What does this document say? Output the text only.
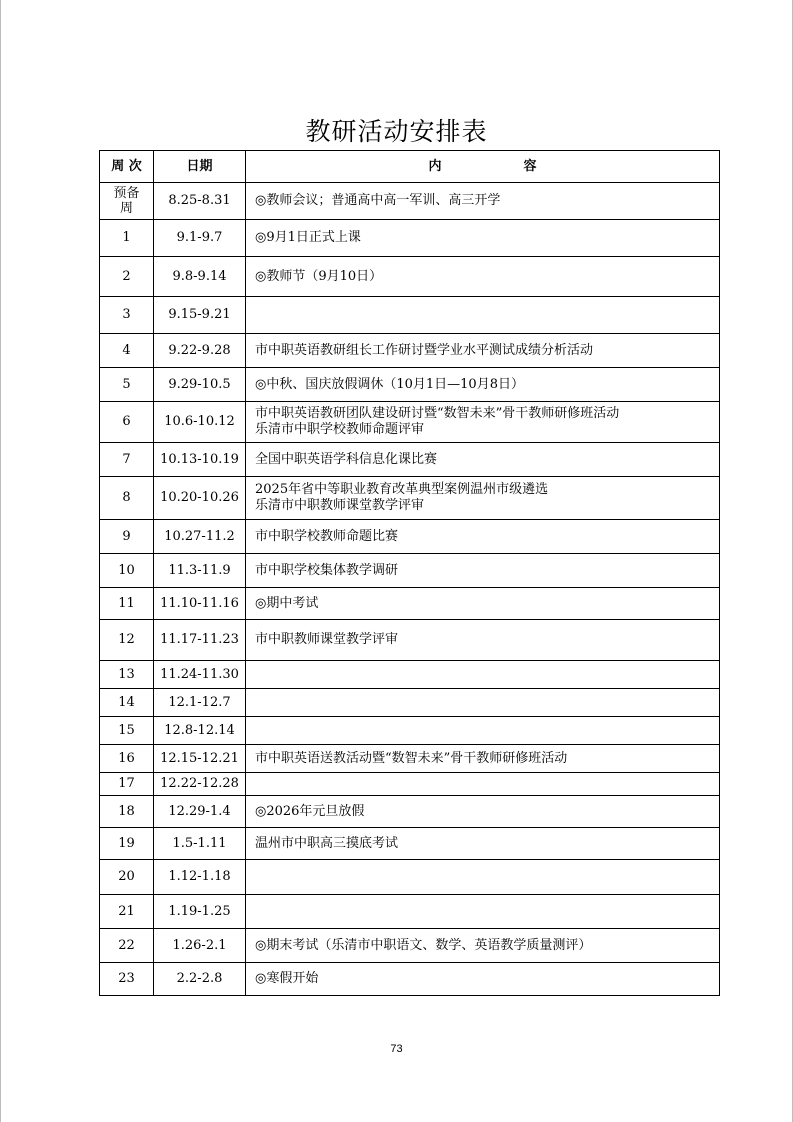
教研活动安排表
周 次	日期	内 容
预备周	8.25-8.31	◎教师会议；普通高中高一军训、高三开学

1	9.1-9.7	◎9月1日正式上课

2	9.8-9.14	◎教师节（9月10日）

3	9.15-9.21	
4	9.22-9.28	市中职英语教研组长工作研讨暨学业水平测试成绩分析活动

5	9.29-10.5	◎中秋、国庆放假调休（10月1日—10月8日）

6	10.6-10.12	市中职英语教研团队建设研讨暨“数智未来”骨干教师研修班活动
乐清市中职学校教师命题评审

7	10.13-10.19	全国中职英语学科信息化课比赛

8	10.20-10.26	2025年省中等职业教育改革典型案例温州市级遴选
乐清市中职教师课堂教学评审

9	10.27-11.2	市中职学校教师命题比赛

10	11.3-11.9	市中职学校集体教学调研

11	11.10-11.16	◎期中考试

12	11.17-11.23	市中职教师课堂教学评审

13	11.24-11.30	
14	12.1-12.7	
15	12.8-12.14	
16	12.15-12.21	市中职英语送教活动暨“数智未来”骨干教师研修班活动

17	12.22-12.28	
18	12.29-1.4	◎2026年元旦放假

19	1.5-1.11	温州市中职高三摸底考试

20	1.12-1.18	
21	1.19-1.25	
22	1.26-2.1	◎期末考试（乐清市中职语文、数学、英语教学质量测评）

23	2.2-2.8	◎寒假开始
73
